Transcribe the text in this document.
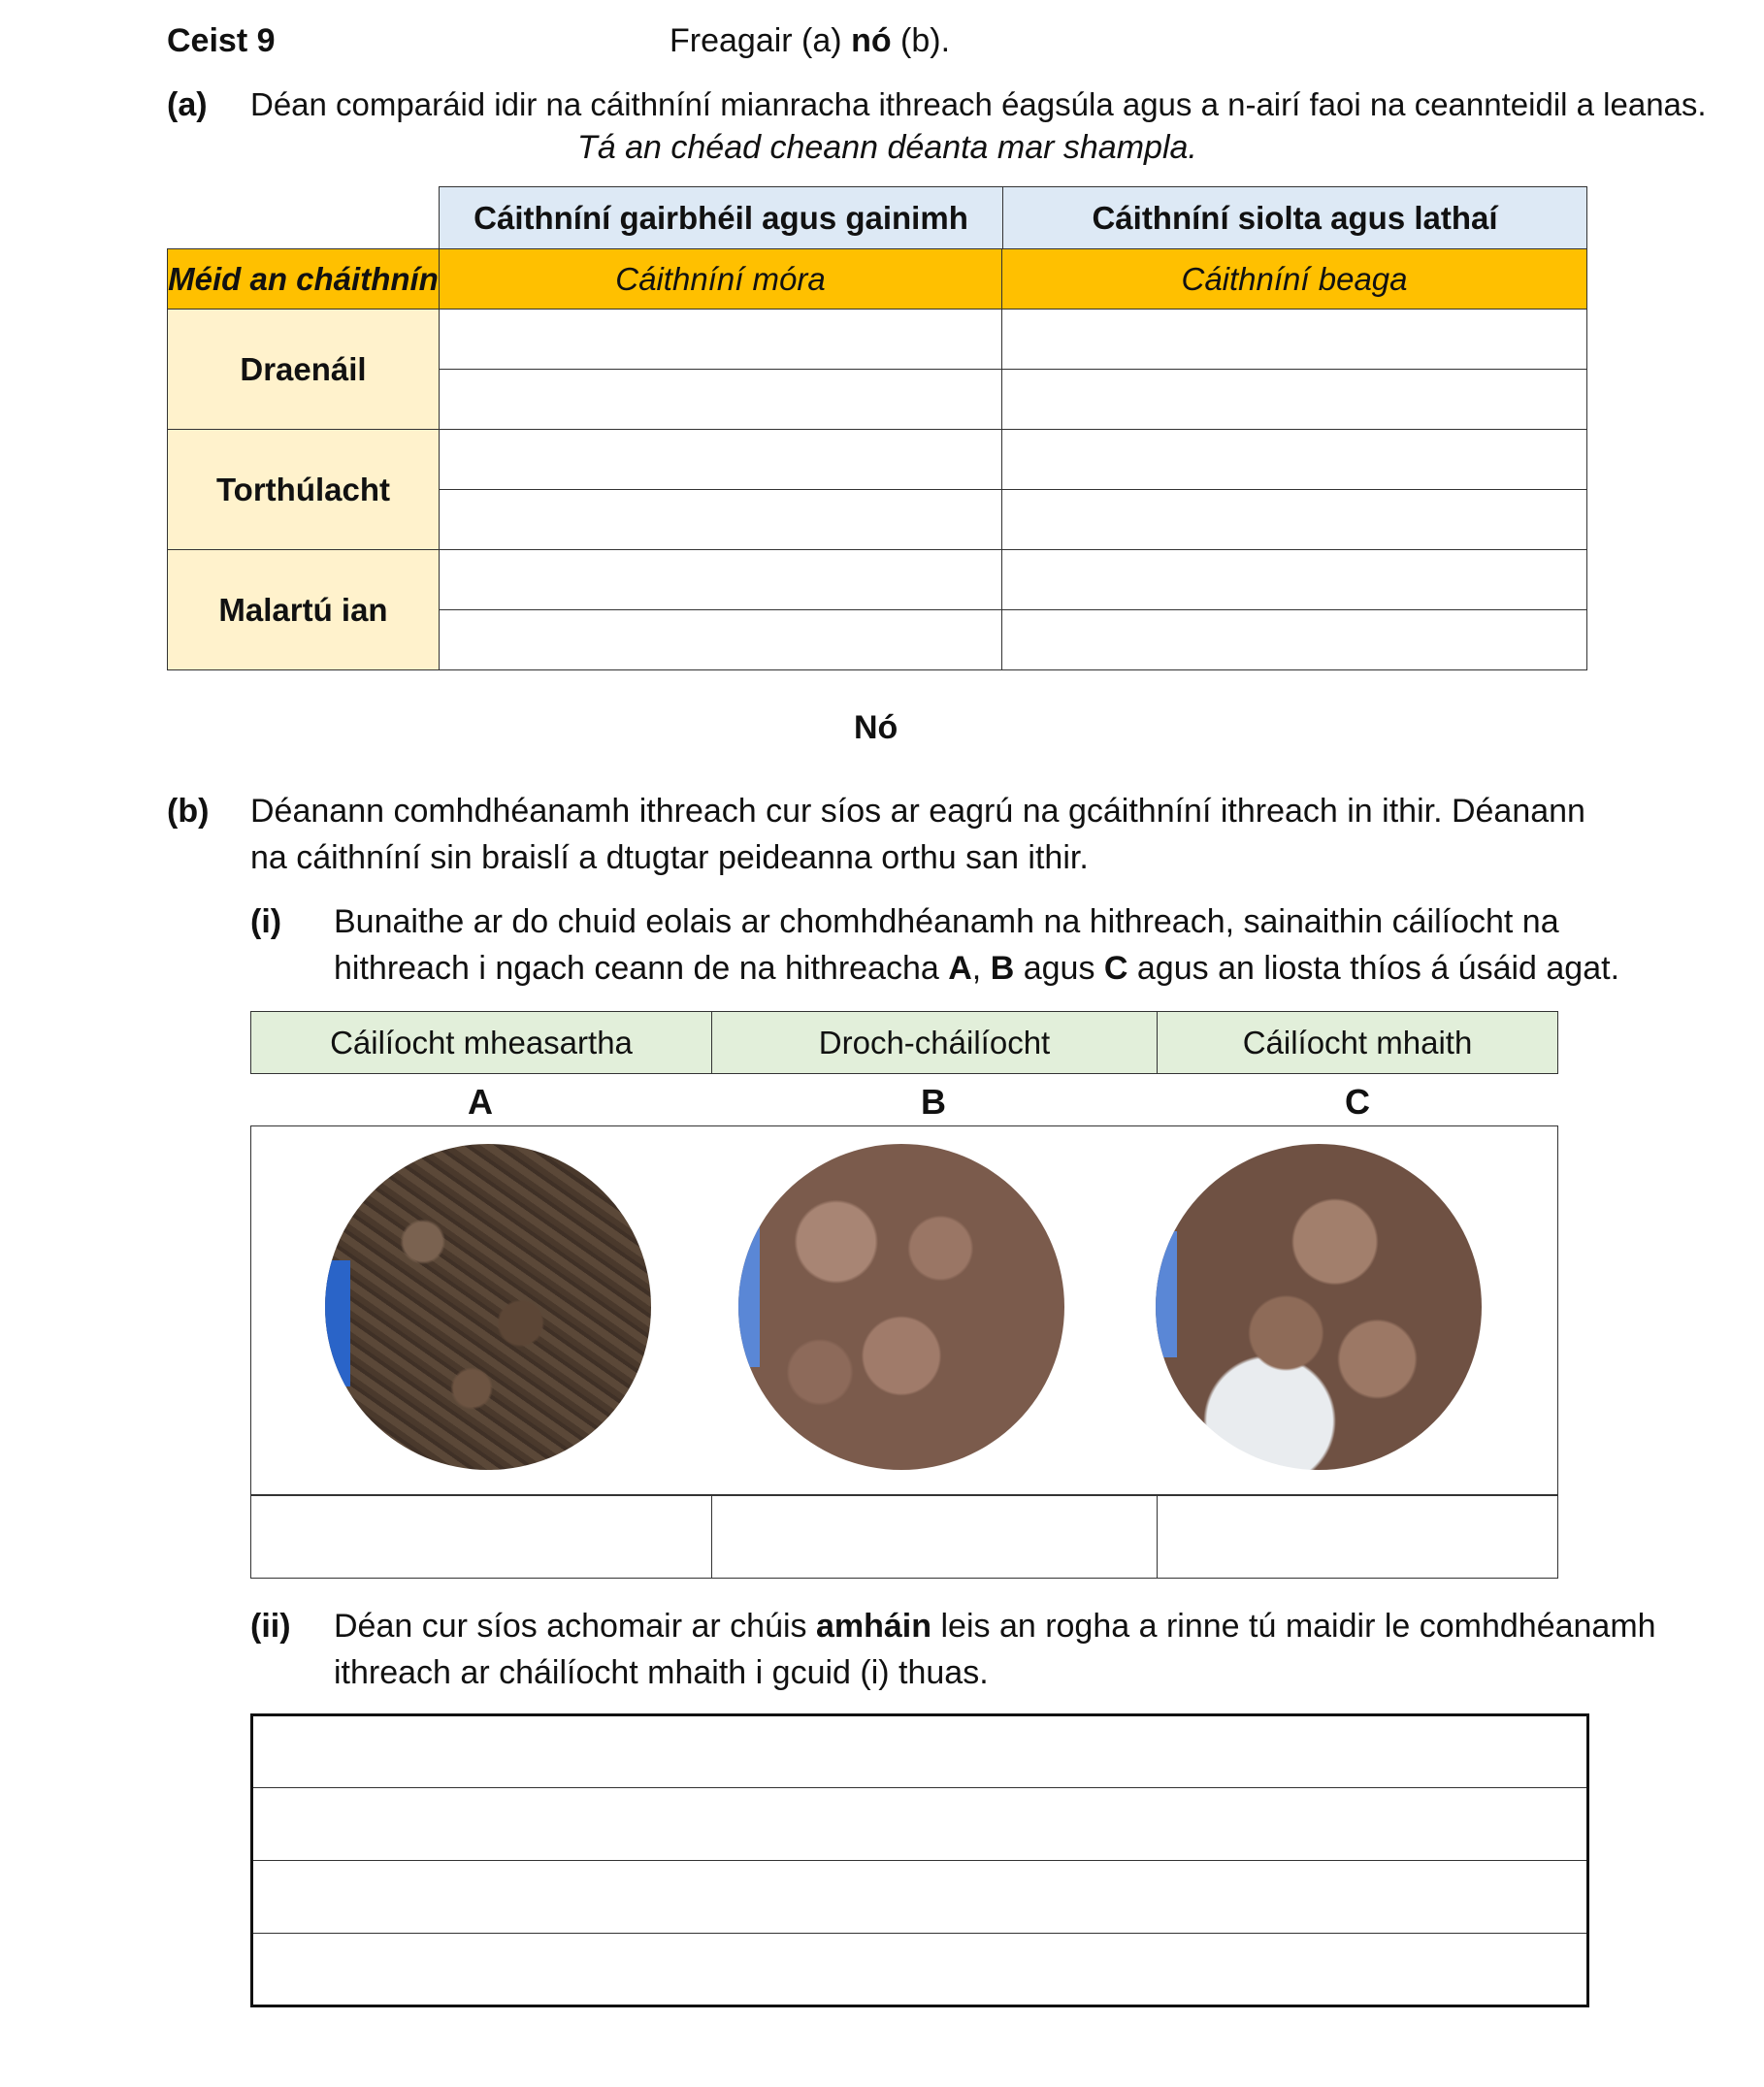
Ceist 9	Freagair (a) nó (b).
(a) Déan comparáid idir na cáithníní mianracha ithreach éagsúla agus a n-airí faoi na ceannteidil a leanas.
Tá an chéad cheann déanta mar shampla.
Cáithníní gairbhéil agus gainimh	Cáithníní siolta agus lathaí
Méid an cháithnín	Cáithníní móra	Cáithníní beaga
Draenáil		

Torthúlacht		

Malartú ian		

Nó
(b) Déanann comhdhéanamh ithreach cur síos ar eagrú na gcáithníní ithreach in ithir. Déanann
na cáithníní sin braislí a dtugtar peideanna orthu san ithir.
(i) Bunaithe ar do chuid eolais ar chomhdhéanamh na hithreach, sainaithin cáilíocht na
hithreach i ngach ceann de na hithreacha A, B agus C agus an liosta thíos á úsáid agat.
Cáilíocht mheasartha	Droch-cháilíocht	Cáilíocht mhaith
A	B	C

(ii) Déan cur síos achomair ar chúis amháin leis an rogha a rinne tú maidir le comhdhéanamh
ithreach ar cháilíocht mhaith i gcuid (i) thuas.
